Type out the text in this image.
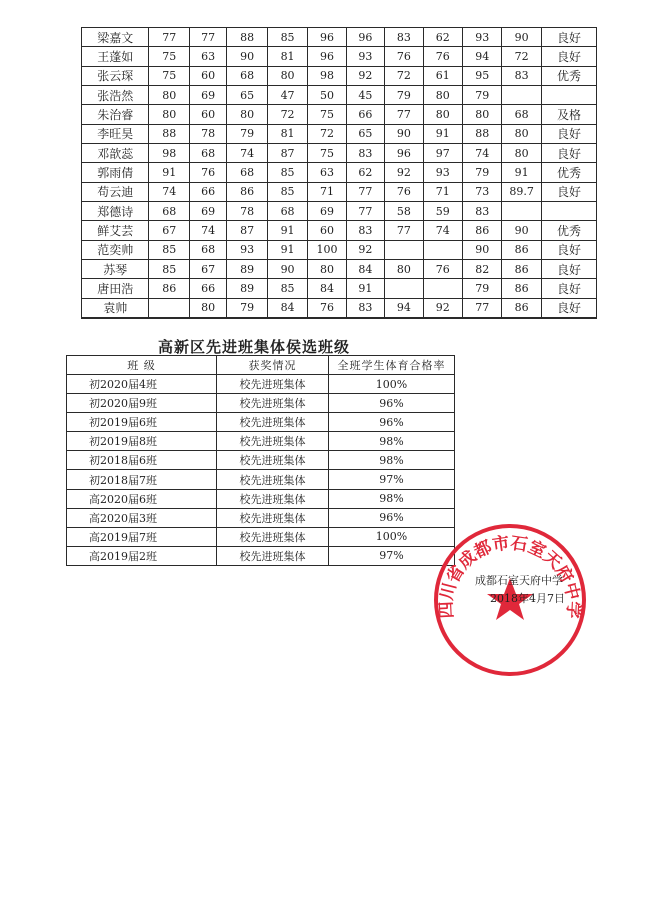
梁嘉文	77	77	88	85	96	96	83	62	93	90	良好
王蓬如	75	63	90	81	96	93	76	76	94	72	良好
张云琛	75	60	68	80	98	92	72	61	95	83	优秀
张浩然	80	69	65	47	50	45	79	80	79		
朱治睿	80	60	80	72	75	66	77	80	80	68	及格
李旺昊	88	78	79	81	72	65	90	91	88	80	良好
邓歆蕊	98	68	74	87	75	83	96	97	74	80	良好
郭雨倩	91	76	68	85	63	62	92	93	79	91	优秀
苟云迪	74	66	86	85	71	77	76	71	73	89.7	良好
郑德诗	68	69	78	68	69	77	58	59	83		
鲜艾芸	67	74	87	91	60	83	77	74	86	90	优秀
范奕帅	85	68	93	91	100	92			90	86	良好
苏琴	85	67	89	90	80	84	80	76	82	86	良好
唐田浩	86	66	89	85	84	91			79	86	良好
袁帅		80	79	84	76	83	94	92	77	86	良好
高新区先进班集体侯选班级
班 级	获奖情况	全班学生体育合格率
初2020届4班	校先进班集体	100%
初2020届9班	校先进班集体	96%
初2019届6班	校先进班集体	96%
初2019届8班	校先进班集体	98%
初2018届6班	校先进班集体	98%
初2018届7班	校先进班集体	97%
高2020届6班	校先进班集体	98%
高2020届3班	校先进班集体	96%
高2019届7班	校先进班集体	100%
高2019届2班	校先进班集体	97%
四川省成都市石室天府中学
成都石室天府中学
2018年4月7日
